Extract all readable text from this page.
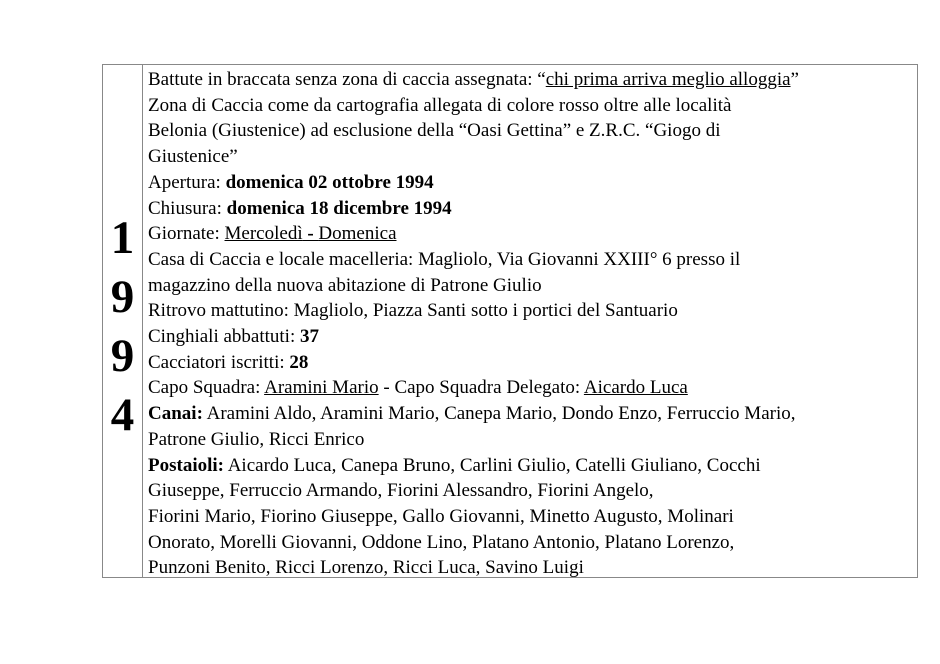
1
9
9
4
Battute in braccata senza zona di caccia assegnata: “chi prima arriva meglio alloggia”
Zona di Caccia come da cartografia allegata di colore rosso oltre alle località
Belonia (Giustenice) ad esclusione della “Oasi Gettina” e Z.R.C. “Giogo di
Giustenice”
Apertura: domenica 02 ottobre 1994
Chiusura: domenica 18 dicembre 1994
Giornate: Mercoledì - Domenica
Casa di Caccia e locale macelleria: Magliolo, Via Giovanni XXIII° 6 presso il
magazzino della nuova abitazione di Patrone Giulio
Ritrovo mattutino: Magliolo, Piazza Santi sotto i portici del Santuario
Cinghiali abbattuti: 37
Cacciatori iscritti: 28
Capo Squadra: Aramini Mario - Capo Squadra Delegato: Aicardo Luca
Canai: Aramini Aldo, Aramini Mario, Canepa Mario, Dondo Enzo, Ferruccio Mario,
Patrone Giulio, Ricci Enrico
Postaioli: Aicardo Luca, Canepa Bruno, Carlini Giulio, Catelli Giuliano, Cocchi
Giuseppe, Ferruccio Armando, Fiorini Alessandro, Fiorini Angelo,
Fiorini Mario, Fiorino Giuseppe, Gallo Giovanni, Minetto Augusto, Molinari
Onorato, Morelli Giovanni, Oddone Lino, Platano Antonio, Platano Lorenzo,
Punzoni Benito, Ricci Lorenzo, Ricci Luca, Savino Luigi
